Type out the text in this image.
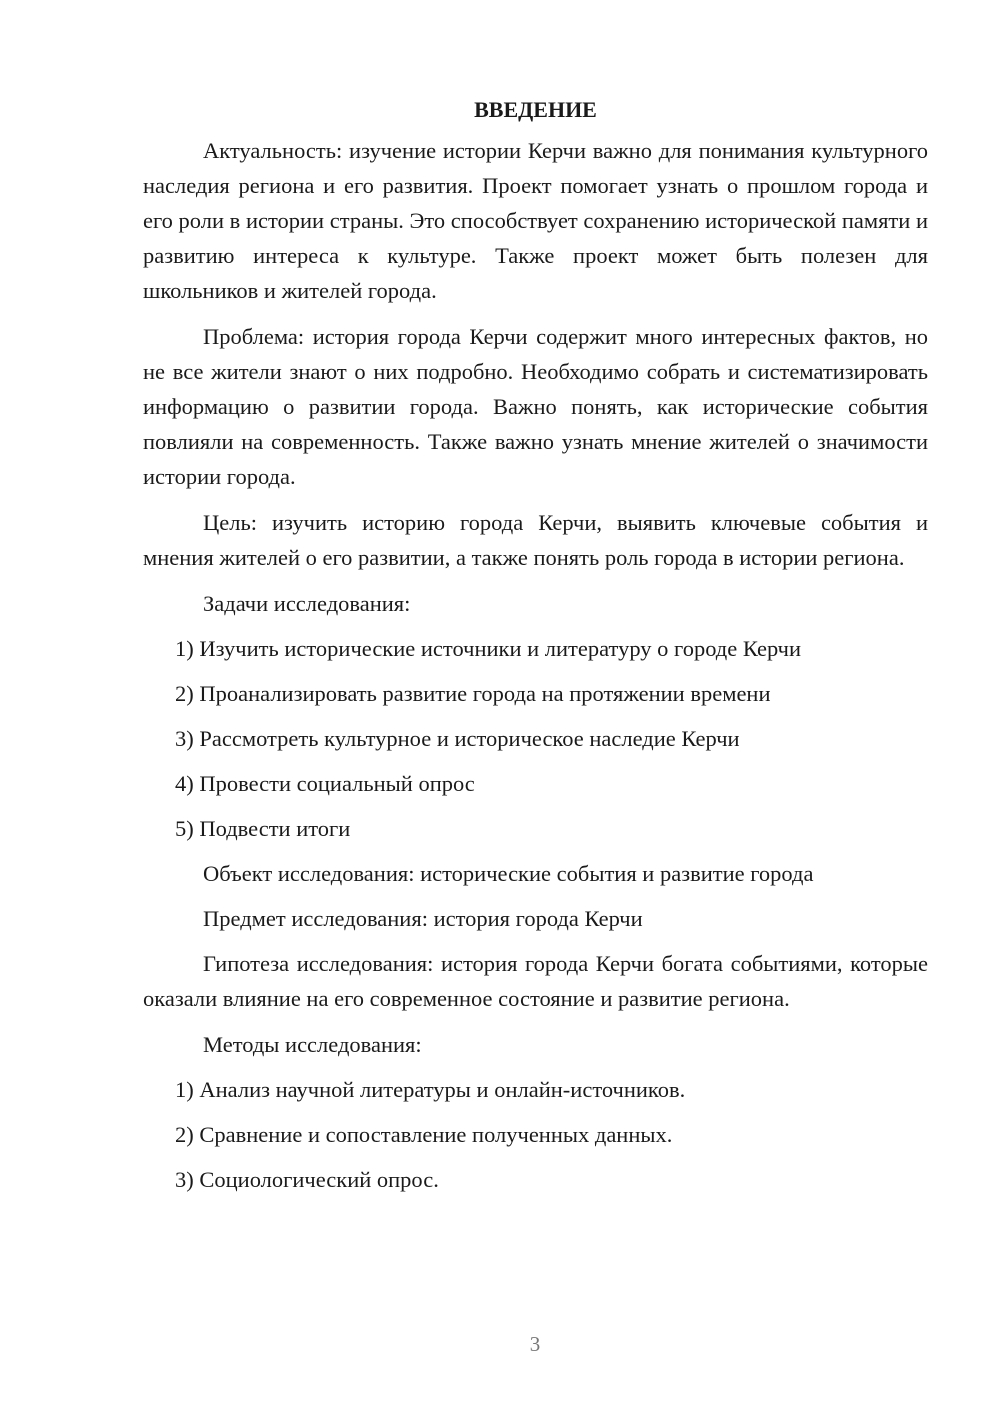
ВВЕДЕНИЕ

Актуальность: изучение истории Керчи важно для понимания культурного наследия региона и его развития. Проект помогает узнать о прошлом города и его роли в истории страны. Это способствует сохранению исторической памяти и развитию интереса к культуре. Также проект может быть полезен для школьников и жителей города.

Проблема: история города Керчи содержит много интересных фактов, но не все жители знают о них подробно. Необходимо собрать и систематизировать информацию о развитии города. Важно понять, как исторические события повлияли на современность. Также важно узнать мнение жителей о значимости истории города.

Цель: изучить историю города Керчи, выявить ключевые события и мнения жителей о его развитии, а также понять роль города в истории региона.

Задачи исследования:
1) Изучить исторические источники и литературу о городе Керчи
2) Проанализировать развитие города на протяжении времени
3) Рассмотреть культурное и историческое наследие Керчи
4) Провести социальный опрос
5) Подвести итоги
Объект исследования: исторические события и развитие города
Предмет исследования: история города Керчи

Гипотеза исследования: история города Керчи богата событиями, которые оказали влияние на его современное состояние и развитие региона.

Методы исследования:
1) Анализ научной литературы и онлайн-источников.
2) Сравнение и сопоставление полученных данных.
3) Социологический опрос.
3
